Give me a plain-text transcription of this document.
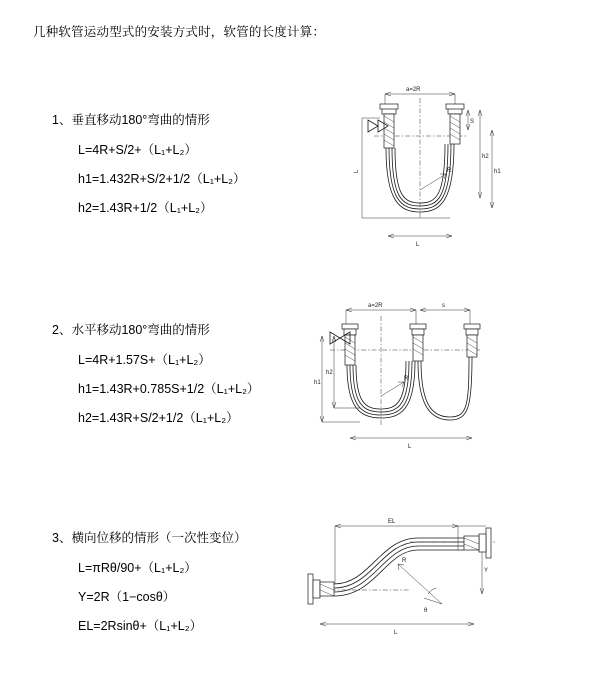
几种软管运动型式的安装方式时，软管的长度计算：
1、垂直移动180°弯曲的情形
L=4R+S/2+（L₁+L₂）
h1=1.432R+S/2+1/2（L₁+L₂）
h2=1.43R+1/2（L₁+L₂）
a=2R
S
h2
h1
R
L
L
2、水平移动180°弯曲的情形
L=4R+1.57S+（L₁+L₂）
h1=1.43R+0.785S+1/2（L₁+L₂）
h2=1.43R+S/2+1/2（L₁+L₂）
a=2R	s
h1
h2
R
L
3、横向位移的情形（一次性变位）
L=πRθ/90+（L₁+L₂）
Y=2R（1−cosθ）
EL=2Rsinθ+（L₁+L₂）
EL
Y
R
θ
L
